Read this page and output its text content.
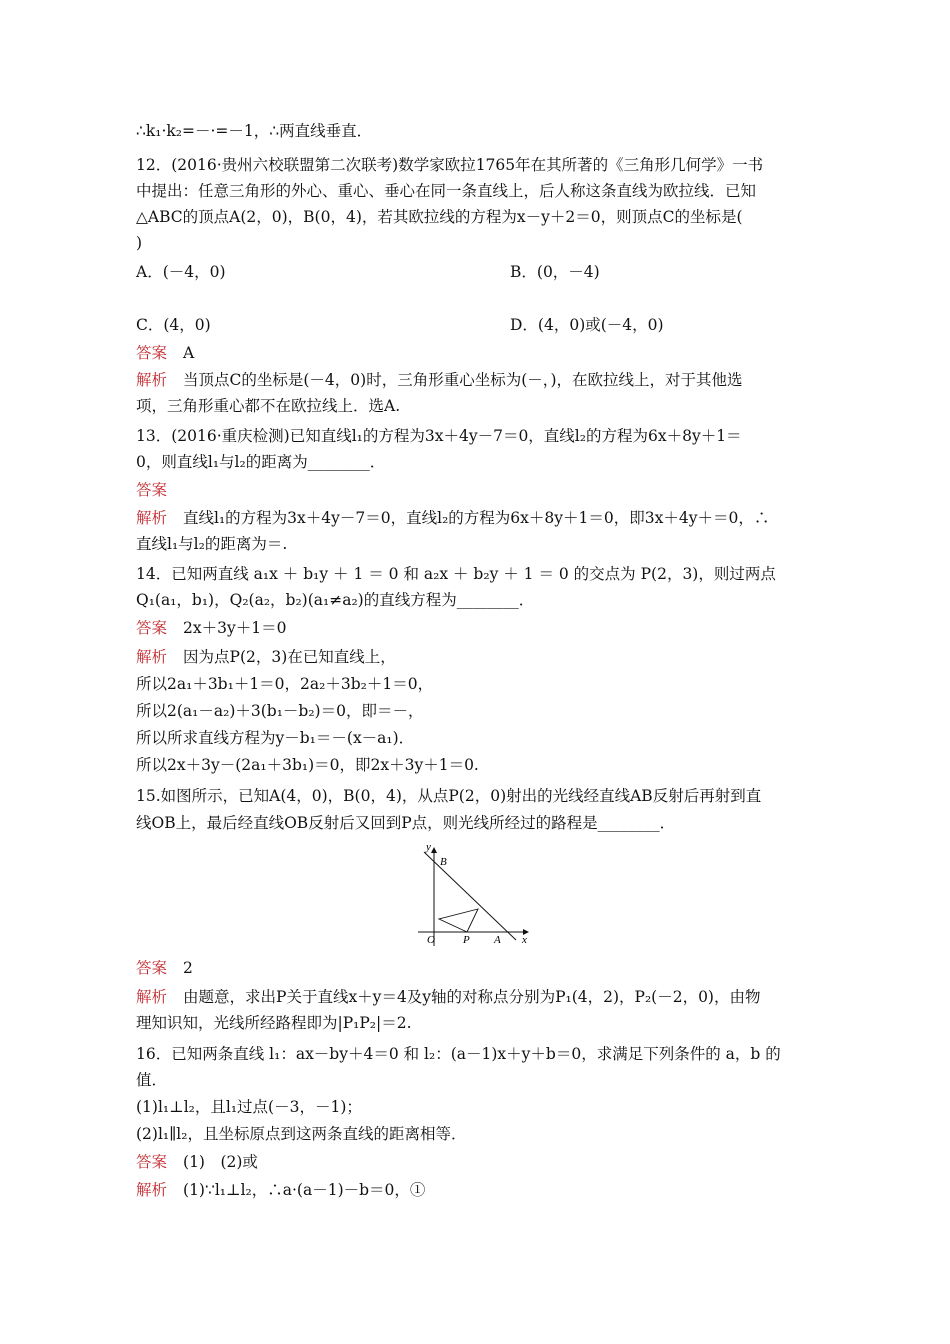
∴k₁·k₂=－·=－1，∴两直线垂直．
12．(2016·贵州六校联盟第二次联考)数学家欧拉1765年在其所著的《三角形几何学》一书
中提出：任意三角形的外心、重心、垂心在同一条直线上，后人称这条直线为欧拉线．已知
△ABC的顶点A(2，0)，B(0，4)，若其欧拉线的方程为x－y＋2＝0，则顶点C的坐标是(
)
A．(－4，0)	B．(0，－4)
C．(4，0)	D．(4，0)或(－4，0)
答案 A
解析 当顶点C的坐标是(－4，0)时，三角形重心坐标为(－，)，在欧拉线上，对于其他选
项，三角形重心都不在欧拉线上．选A.
13．(2016·重庆检测)已知直线l₁的方程为3x＋4y－7＝0，直线l₂的方程为6x＋8y＋1＝
0，则直线l₁与l₂的距离为________．
答案
解析 直线l₁的方程为3x＋4y－7＝0，直线l₂的方程为6x＋8y＋1＝0，即3x＋4y＋＝0，∴
直线l₁与l₂的距离为＝.
14．已知两直线 a₁x ＋ b₁y ＋ 1 ＝ 0 和 a₂x ＋ b₂y ＋ 1 ＝ 0 的交点为 P(2，3)，则过两点
Q₁(a₁，b₁)，Q₂(a₂，b₂)(a₁≠a₂)的直线方程为________．
答案 2x＋3y＋1＝0
解析 因为点P(2，3)在已知直线上，
所以2a₁＋3b₁＋1＝0，2a₂＋3b₂＋1＝0，
所以2(a₁－a₂)＋3(b₁－b₂)＝0，即＝－，
所以所求直线方程为y－b₁＝－(x－a₁)．
所以2x＋3y－(2a₁＋3b₁)＝0，即2x＋3y＋1＝0.
15.如图所示，已知A(4，0)，B(0，4)，从点P(2，0)射出的光线经直线AB反射后再射到直
线OB上，最后经直线OB反射后又回到P点，则光线所经过的路程是________．
y
B
O	P A x
答案 2
解析 由题意，求出P关于直线x＋y＝4及y轴的对称点分别为P₁(4，2)，P₂(－2，0)，由物
理知识知，光线所经路程即为|P₁P₂|＝2.
16．已知两条直线 l₁：ax－by＋4＝0 和 l₂：(a－1)x＋y＋b＝0，求满足下列条件的 a，b 的
值．
(1)l₁⊥l₂，且l₁过点(－3，－1)；
(2)l₁∥l₂，且坐标原点到这两条直线的距离相等．
答案 (1)　(2)或
解析 (1)∵l₁⊥l₂，∴a·(a－1)－b＝0，①
